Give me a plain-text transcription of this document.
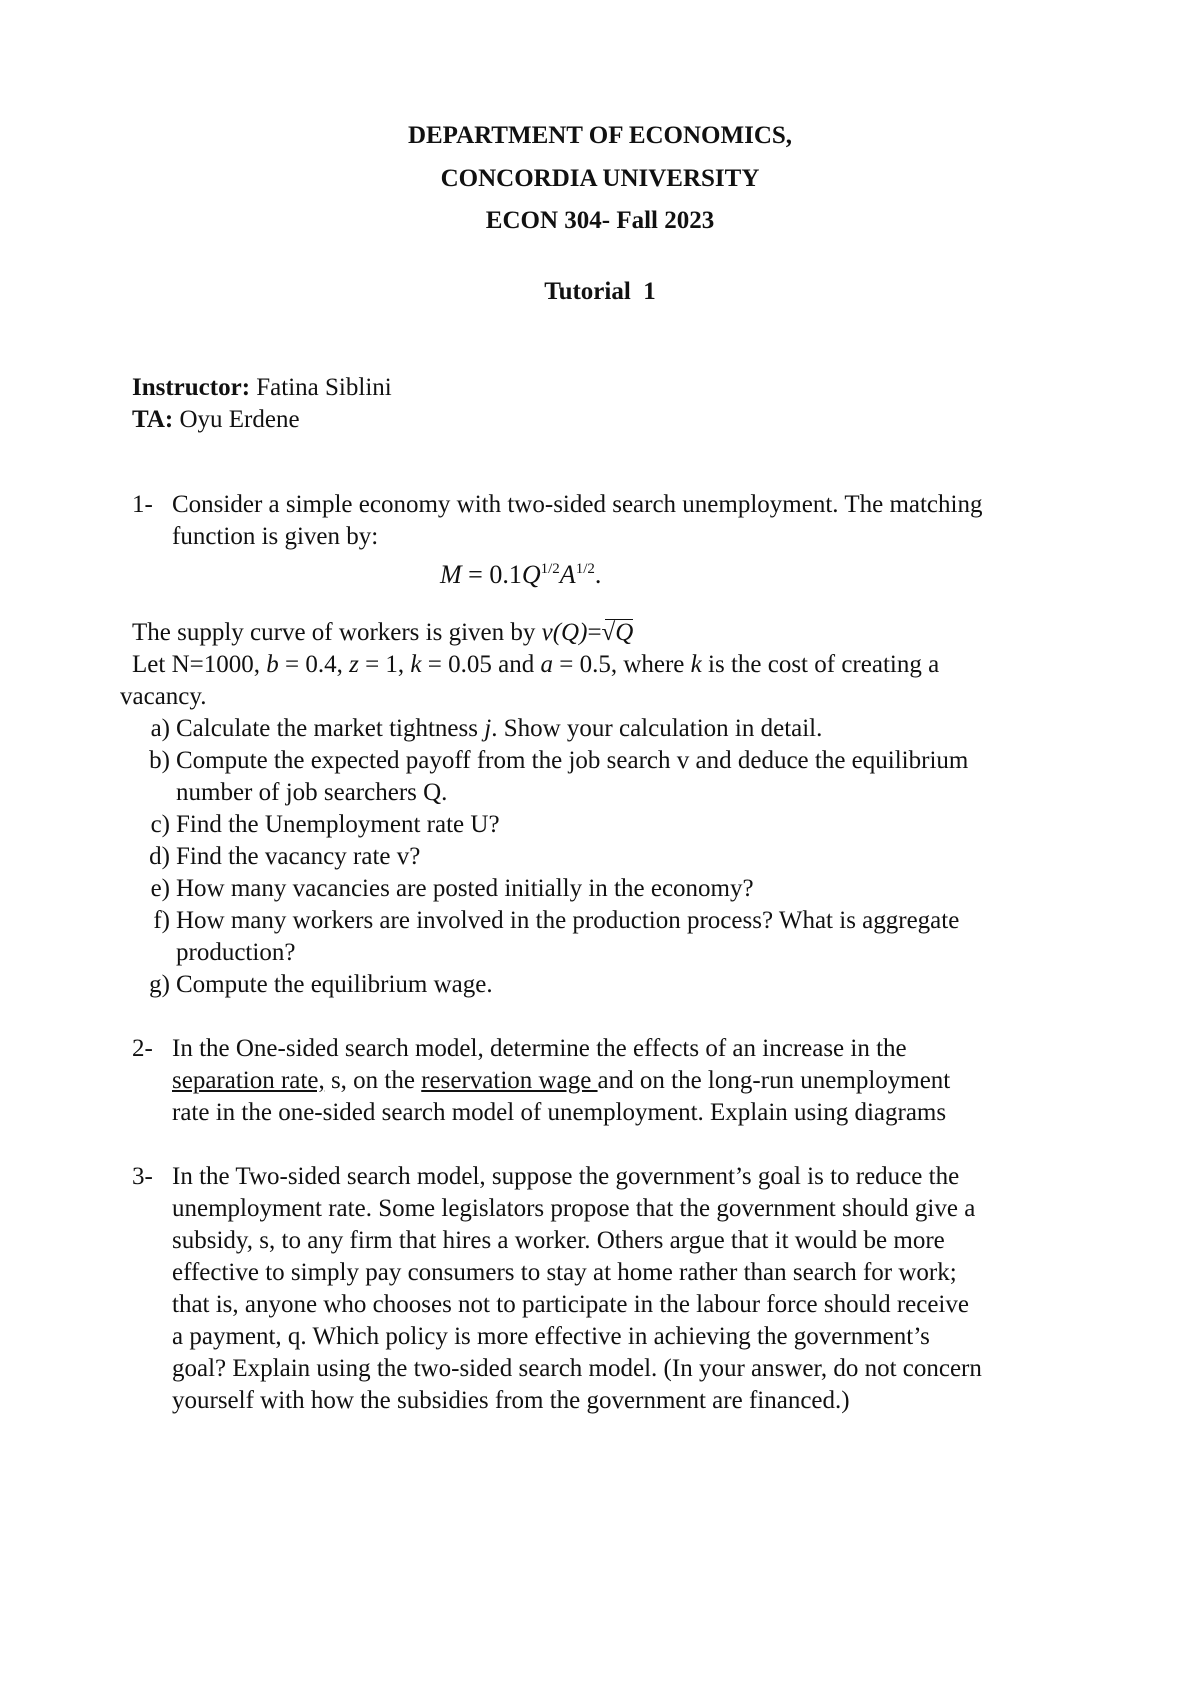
DEPARTMENT OF ECONOMICS,
CONCORDIA UNIVERSITY
ECON 304- Fall 2023
Tutorial  1
Instructor: Fatina Siblini
TA: Oyu Erdene
1- Consider a simple economy with two-sided search unemployment. The matching
function is given by:
$M = 0.1Q^{1/2}A^{1/2}$.
The supply curve of workers is given by v(Q)=√Q
Let N=1000, b = 0.4, z = 1, k = 0.05 and a = 0.5, where k is the cost of creating a
vacancy.
a) Calculate the market tightness j. Show your calculation in detail.
b) Compute the expected payoff from the job search v and deduce the equilibrium
number of job searchers Q.
c) Find the Unemployment rate U?
d) Find the vacancy rate v?
e) How many vacancies are posted initially in the economy?
f) How many workers are involved in the production process? What is aggregate
production?
g) Compute the equilibrium wage.
2- In the One-sided search model, determine the effects of an increase in the
separation rate, s, on the reservation wage and on the long-run unemployment
rate in the one-sided search model of unemployment. Explain using diagrams
3- In the Two-sided search model, suppose the government’s goal is to reduce the
unemployment rate. Some legislators propose that the government should give a
subsidy, s, to any firm that hires a worker. Others argue that it would be more
effective to simply pay consumers to stay at home rather than search for work;
that is, anyone who chooses not to participate in the labour force should receive
a payment, q. Which policy is more effective in achieving the government’s
goal? Explain using the two-sided search model. (In your answer, do not concern
yourself with how the subsidies from the government are financed.)
